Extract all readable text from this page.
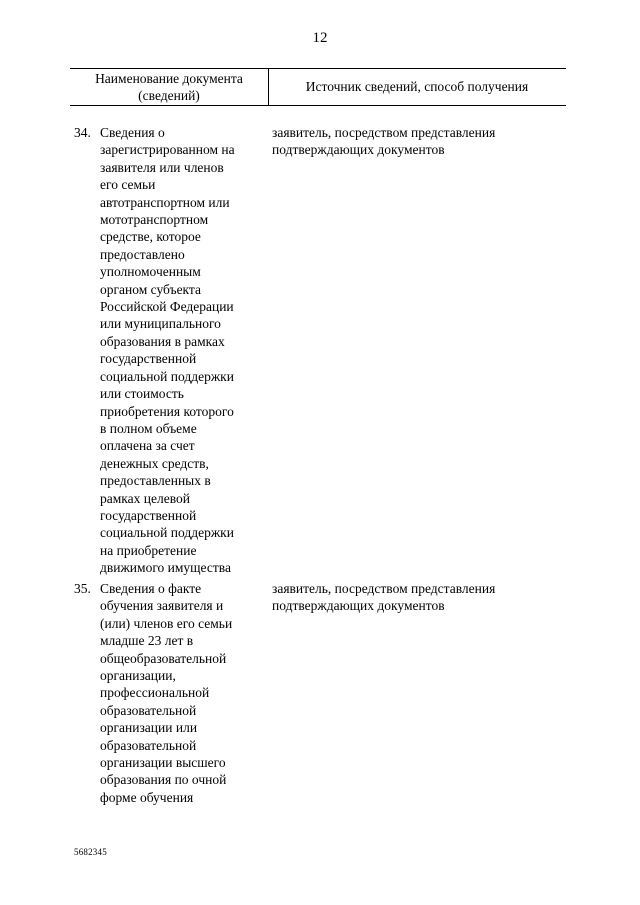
12
Наименование документа
(сведений)
Источник сведений, способ получения
34. Сведения о
зарегистрированном на
заявителя или членов
его семьи
автотранспортном или
мототранспортном
средстве, которое
предоставлено
уполномоченным
органом субъекта
Российской Федерации
или муниципального
образования в рамках
государственной
социальной поддержки
или стоимость
приобретения которого
в полном объеме
оплачена за счет
денежных средств,
предоставленных в
рамках целевой
государственной
социальной поддержки
на приобретение
движимого имущества
заявитель, посредством представления
подтверждающих документов
35. Сведения о факте
обучения заявителя и
(или) членов его семьи
младше 23 лет в
общеобразовательной
организации,
профессиональной
образовательной
организации или
образовательной
организации высшего
образования по очной
форме обучения
заявитель, посредством представления
подтверждающих документов
5682345
